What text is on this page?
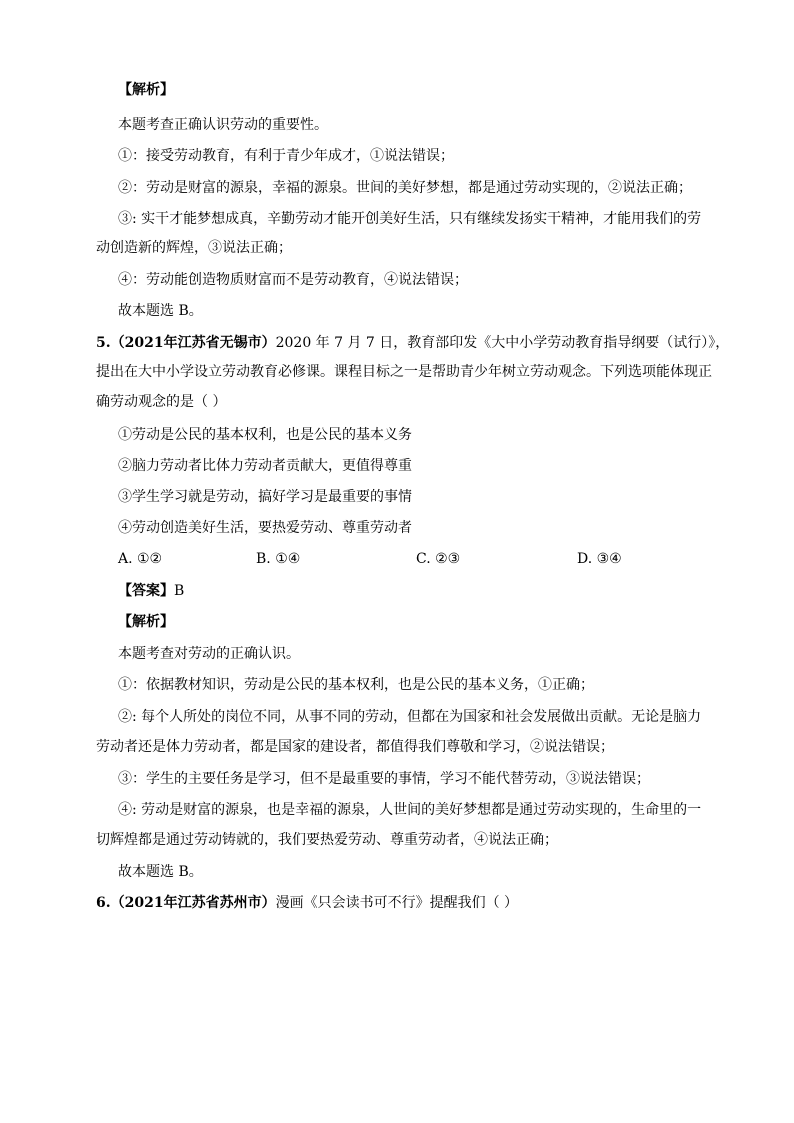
【解析】
本题考查正确认识劳动的重要性。
①：接受劳动教育，有利于青少年成才，①说法错误；
②：劳动是财富的源泉，幸福的源泉。世间的美好梦想，都是通过劳动实现的，②说法正确；
③: 实干才能梦想成真，辛勤劳动才能开创美好生活，只有继续发扬实干精神，才能用我们的劳
动创造新的辉煌，③说法正确；
④：劳动能创造物质财富而不是劳动教育，④说法错误；
故本题选 B。
5.（2021年江苏省无锡市）2020 年 7 月 7 日，教育部印发《大中小学劳动教育指导纲要（试行）》，
提出在大中小学设立劳动教育必修课。课程目标之一是帮助青少年树立劳动观念。下列选项能体现正
确劳动观念的是（ ）
①劳动是公民的基本权利，也是公民的基本义务
②脑力劳动者比体力劳动者贡献大，更值得尊重
③学生学习就是劳动，搞好学习是最重要的事情
④劳动创造美好生活，要热爱劳动、尊重劳动者
A. ①②	B. ①④	C. ②③	D. ③④
【答案】B
【解析】
本题考查对劳动的正确认识。
①：依据教材知识，劳动是公民的基本权利，也是公民的基本义务，①正确；
②: 每个人所处的岗位不同，从事不同的劳动，但都在为国家和社会发展做出贡献。无论是脑力
劳动者还是体力劳动者，都是国家的建设者，都值得我们尊敬和学习，②说法错误；
③：学生的主要任务是学习，但不是最重要的事情，学习不能代替劳动，③说法错误；
④: 劳动是财富的源泉，也是幸福的源泉，人世间的美好梦想都是通过劳动实现的，生命里的一
切辉煌都是通过劳动铸就的，我们要热爱劳动、尊重劳动者，④说法正确；
故本题选 B。
6.（2021年江苏省苏州市）漫画《只会读书可不行》提醒我们（ ）
